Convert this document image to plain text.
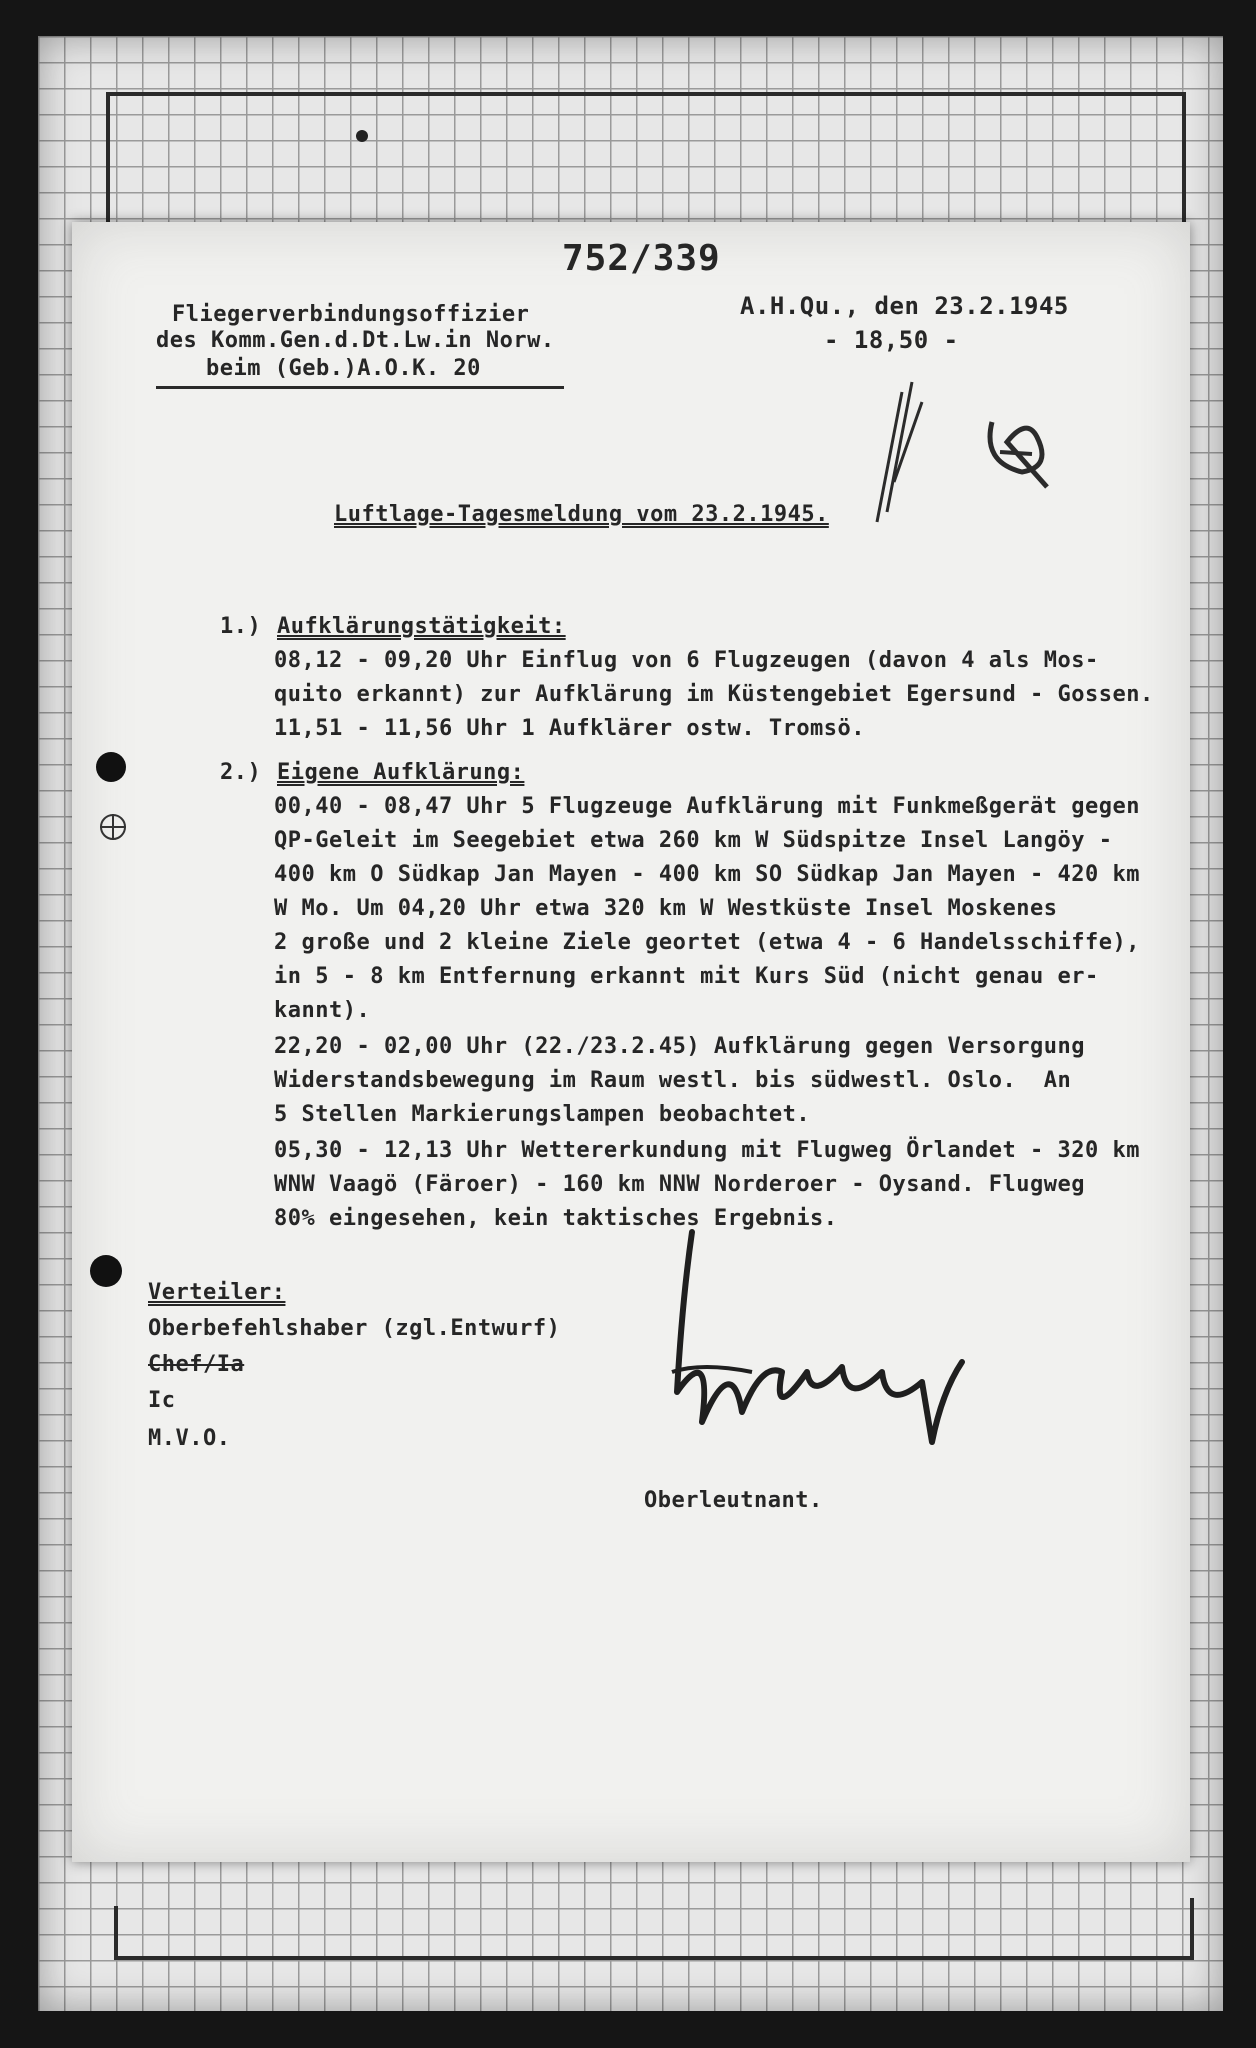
752/339
Fliegerverbindungsoffizier
des Komm.Gen.d.Dt.Lw.in Norw.
beim (Geb.)A.O.K. 20
A.H.Qu., den 23.2.1945
- 18,50 -
Luftlage-Tagesmeldung vom 23.2.1945.
1.) Aufklärungstätigkeit:
08,12 - 09,20 Uhr Einflug von 6 Flugzeugen (davon 4 als Mos-
quito erkannt) zur Aufklärung im Küstengebiet Egersund - Gossen.
11,51 - 11,56 Uhr 1 Aufklärer ostw. Tromsö.
2.) Eigene Aufklärung:
00,40 - 08,47 Uhr 5 Flugzeuge Aufklärung mit Funkmeßgerät gegen
QP-Geleit im Seegebiet etwa 260 km W Südspitze Insel Langöy -
400 km O Südkap Jan Mayen - 400 km SO Südkap Jan Mayen - 420 km
W Mo. Um 04,20 Uhr etwa 320 km W Westküste Insel Moskenes
2 große und 2 kleine Ziele geortet (etwa 4 - 6 Handelsschiffe),
in 5 - 8 km Entfernung erkannt mit Kurs Süd (nicht genau er-
kannt).
22,20 - 02,00 Uhr (22./23.2.45) Aufklärung gegen Versorgung
Widerstandsbewegung im Raum westl. bis südwestl. Oslo.  An
5 Stellen Markierungslampen beobachtet.
05,30 - 12,13 Uhr Wettererkundung mit Flugweg Örlandet - 320 km
WNW Vaagö (Färoer) - 160 km NNW Norderoer - Oysand. Flugweg
80% eingesehen, kein taktisches Ergebnis.
Verteiler:
Oberbefehlshaber (zgl.Entwurf)
Chef/Ia
Ic
M.V.O.
Oberleutnant.
